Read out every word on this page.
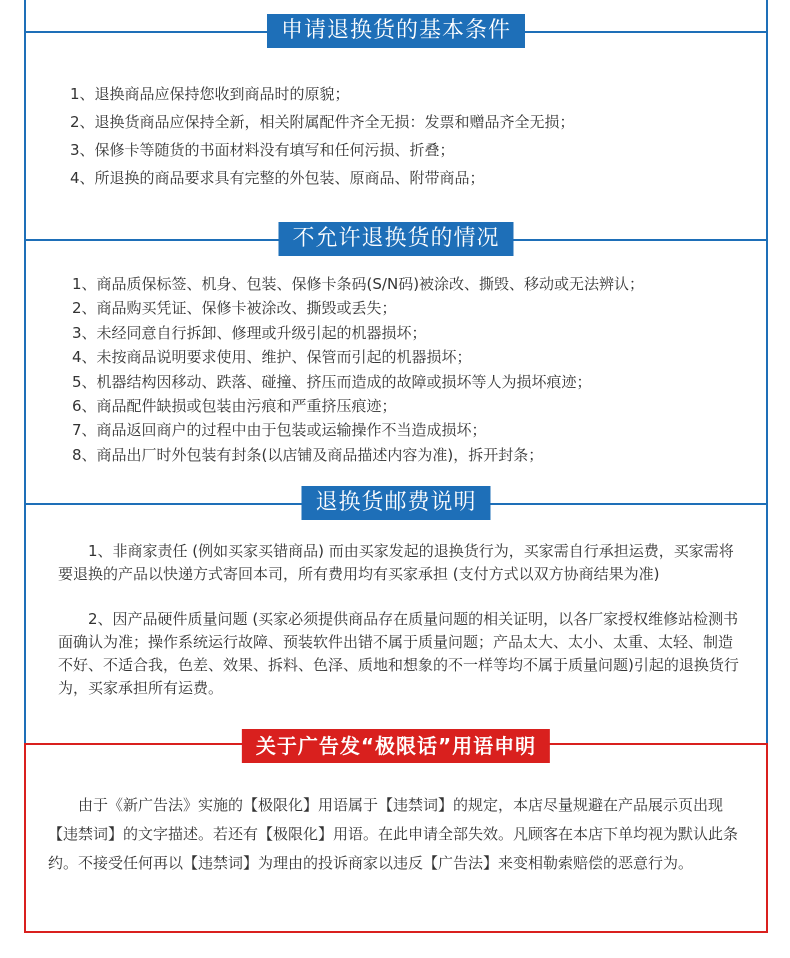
申请退换货的基本条件
1、退换商品应保持您收到商品时的原貌；
2、退换货商品应保持全新，相关附属配件齐全无损：发票和赠品齐全无损；
3、保修卡等随货的书面材料没有填写和任何污损、折叠；
4、所退换的商品要求具有完整的外包装、原商品、附带商品；
不允许退换货的情况
1、商品质保标签、机身、包装、保修卡条码(S/N码)被涂改、撕毁、移动或无法辨认；
2、商品购买凭证、保修卡被涂改、撕毁或丢失；
3、未经同意自行拆卸、修理或升级引起的机器损坏；
4、未按商品说明要求使用、维护、保管而引起的机器损坏；
5、机器结构因移动、跌落、碰撞、挤压而造成的故障或损坏等人为损坏痕迹；
6、商品配件缺损或包装由污痕和严重挤压痕迹；
7、商品返回商户的过程中由于包装或运输操作不当造成损坏；
8、商品出厂时外包装有封条(以店铺及商品描述内容为准)，拆开封条；
退换货邮费说明

1、非商家责任 (例如买家买错商品) 而由买家发起的退换货行为，买家需自行承担运费，买家需将要退换的产品以快递方式寄回本司，所有费用均有买家承担 (支付方式以双方协商结果为准)

2、因产品硬件质量问题 (买家必须提供商品存在质量问题的相关证明，以各厂家授权维修站检测书面确认为准；操作系统运行故障、预装软件出错不属于质量问题；产品太大、太小、太重、太轻、制造不好、不适合我，色差、效果、拆料、色泽、质地和想象的不一样等均不属于质量问题)引起的退换货行为，买家承担所有运费。

关于广告发“极限话”用语申明

由于《新广告法》实施的【极限化】用语属于【违禁词】的规定，本店尽量规避在产品展示页出现【违禁词】的文字描述。若还有【极限化】用语。在此申请全部失效。凡顾客在本店下单均视为默认此条约。不接受任何再以【违禁词】为理由的投诉商家以违反【广告法】来变相勒索赔偿的恶意行为。
